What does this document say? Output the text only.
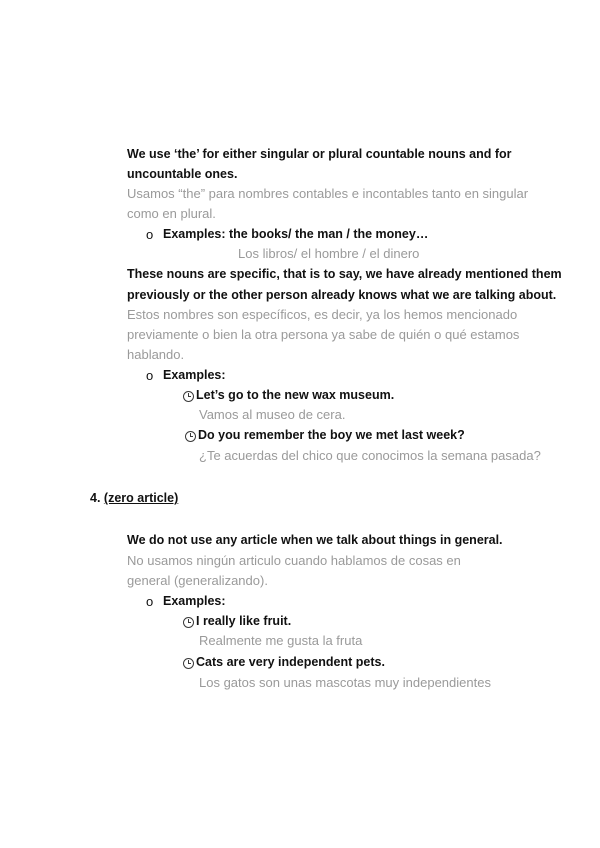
We use ‘the’ for either singular or plural countable nouns and for
uncountable ones.
Usamos “the” para nombres contables e incontables tanto en singular
como en plural.
o Examples: the books/ the man / the money…
Los libros/ el hombre / el dinero
These nouns are specific, that is to say, we have already mentioned them
previously or the other person already knows what we are talking about.
Estos nombres son específicos, es decir, ya los hemos mencionado
previamente o bien la otra persona ya sabe de quién o qué estamos
hablando.
o Examples:
Let’s go to the new wax museum.
Vamos al museo de cera.
Do you remember the boy we met last week?
¿Te acuerdas del chico que conocimos la semana pasada?
4. (zero article)
We do not use any article when we talk about things in general.
No usamos ningún articulo cuando hablamos de cosas en
general (generalizando).
o Examples:
I really like fruit.
Realmente me gusta la fruta
Cats are very independent pets.
Los gatos son unas mascotas muy independientes
